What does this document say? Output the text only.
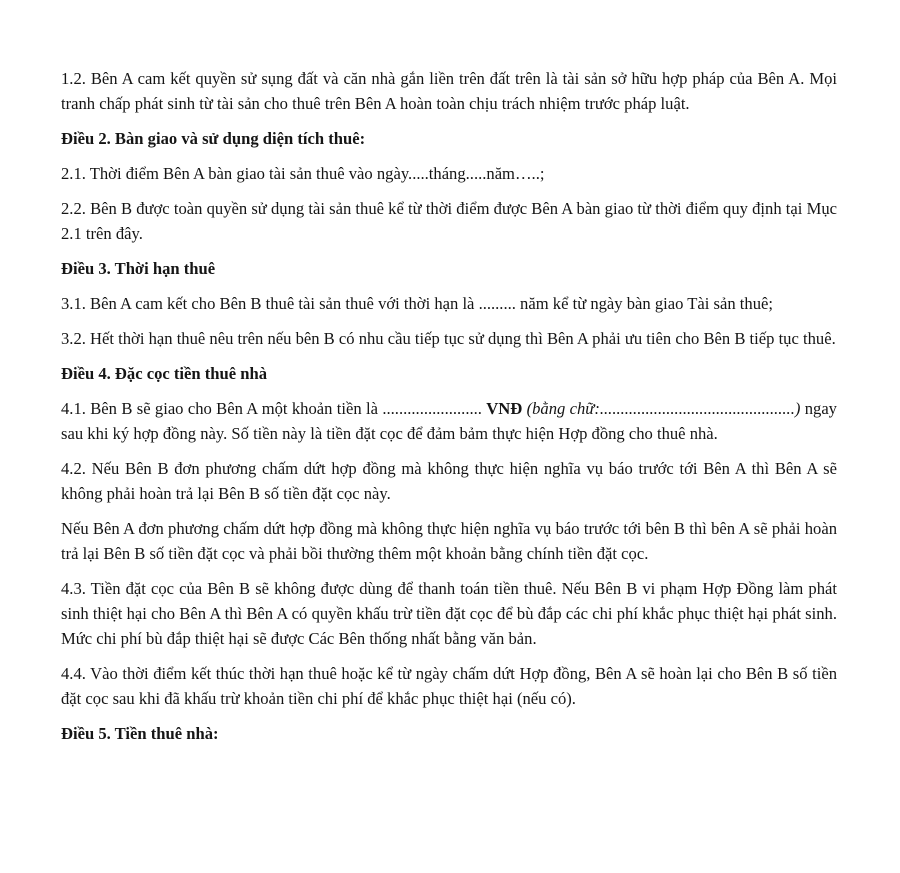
1.2. Bên A cam kết quyền sử sụng đất và căn nhà gắn liền trên đất trên là tài sản sở hữu hợp pháp của Bên A. Mọi tranh chấp phát sinh từ tài sản cho thuê trên Bên A hoàn toàn chịu trách nhiệm trước pháp luật.

Điều 2. Bàn giao và sử dụng diện tích thuê:

2.1. Thời điểm Bên A bàn giao tài sản thuê vào ngày.....tháng.....năm…..;

2.2. Bên B được toàn quyền sử dụng tài sản thuê kể từ thời điểm được Bên A bàn giao từ thời điểm quy định tại Mục 2.1 trên đây.

Điều 3. Thời hạn thuê

3.1. Bên A cam kết cho Bên B thuê tài sản thuê với thời hạn là ......... năm kể từ ngày bàn giao Tài sản thuê;

3.2. Hết thời hạn thuê nêu trên nếu bên B có nhu cầu tiếp tục sử dụng thì Bên A phải ưu tiên cho Bên B tiếp tục thuê.

Điều 4. Đặc cọc tiền thuê nhà

4.1. Bên B sẽ giao cho Bên A một khoản tiền là ........................ VNĐ (bằng chữ:...............................................) ngay sau khi ký hợp đồng này. Số tiền này là tiền đặt cọc để đảm bảm thực hiện Hợp đồng cho thuê nhà.

4.2. Nếu Bên B đơn phương chấm dứt hợp đồng mà không thực hiện nghĩa vụ báo trước tới Bên A thì Bên A sẽ không phải hoàn trả lại Bên B số tiền đặt cọc này.

Nếu Bên A đơn phương chấm dứt hợp đồng mà không thực hiện nghĩa vụ báo trước tới bên B thì bên A sẽ phải hoàn trả lại Bên B số tiền đặt cọc và phải bồi thường thêm một khoản bằng chính tiền đặt cọc.

4.3. Tiền đặt cọc của Bên B sẽ không được dùng để thanh toán tiền thuê. Nếu Bên B vi phạm Hợp Đồng làm phát sinh thiệt hại cho Bên A thì Bên A có quyền khấu trừ tiền đặt cọc để bù đắp các chi phí khắc phục thiệt hại phát sinh. Mức chi phí bù đắp thiệt hại sẽ được Các Bên thống nhất bằng văn bản.

4.4. Vào thời điểm kết thúc thời hạn thuê hoặc kể từ ngày chấm dứt Hợp đồng, Bên A sẽ hoàn lại cho Bên B số tiền đặt cọc sau khi đã khấu trừ khoản tiền chi phí để khắc phục thiệt hại (nếu có).

Điều 5. Tiền thuê nhà:
